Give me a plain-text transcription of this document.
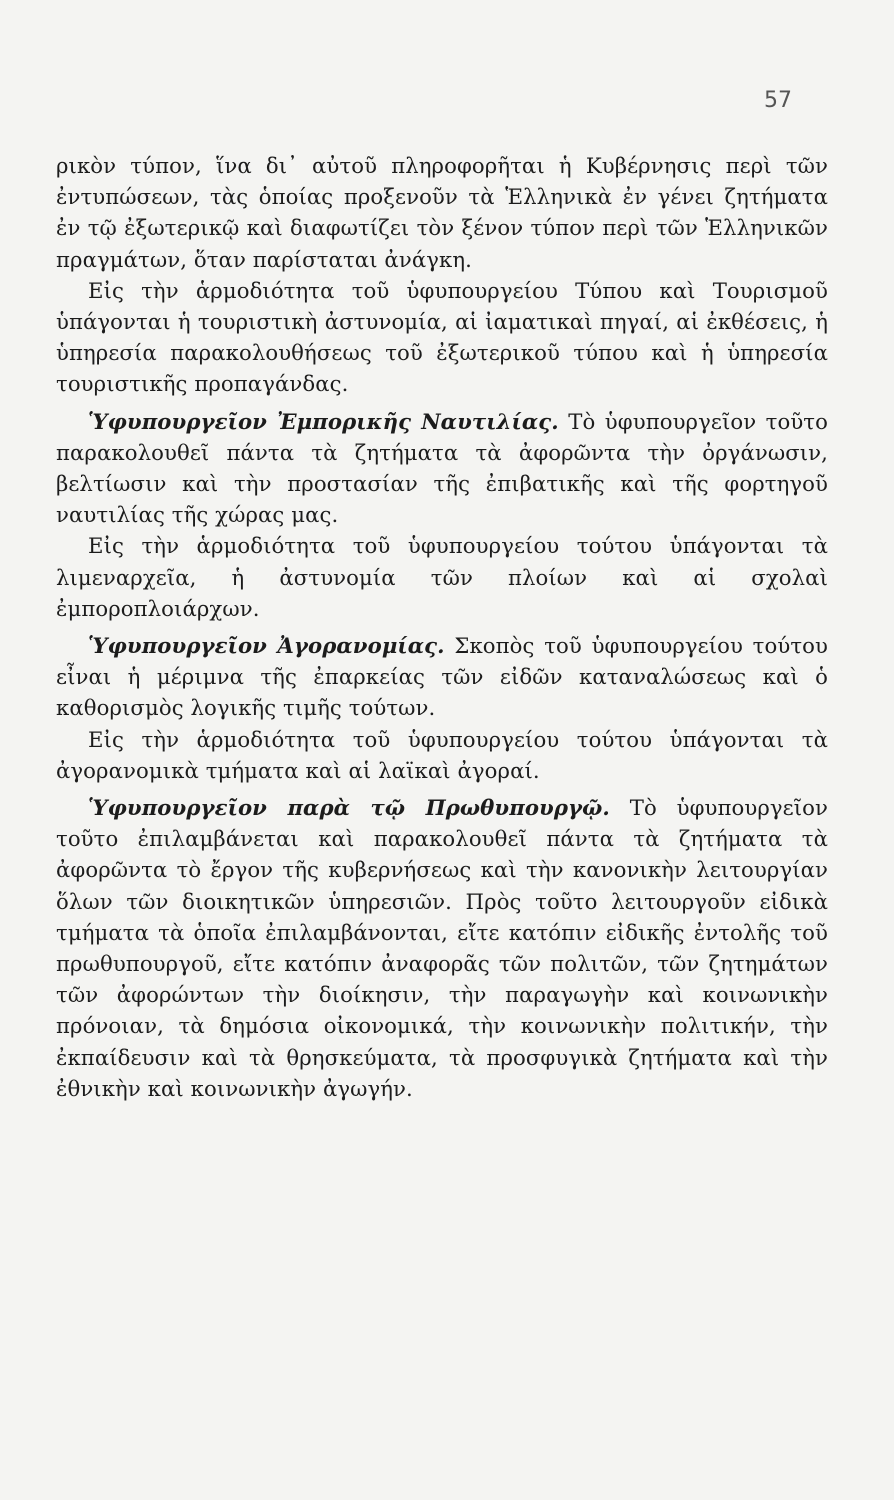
57

ρικὸν τύπον, ἵνα δι᾿ αὐτοῦ πληροφορῆται ἡ Κυβέρνησις περὶ τῶν ἐντυπώσεων, τὰς ὁποίας προξενοῦν τὰ Ἑλληνικὰ ἐν γένει ζητήματα ἐν τῷ ἐξωτερικῷ καὶ διαφωτίζει τὸν ξένον τύπον περὶ τῶν Ἑλληνικῶν πραγμάτων, ὅταν παρίσταται ἀνάγκη.

Εἰς τὴν ἁρμοδιότητα τοῦ ὑφυπουργείου Τύπου καὶ Τουρισμοῦ ὑπάγονται ἡ τουριστικὴ ἀστυνομία, αἱ ἰαματικαὶ πηγαί, αἱ ἐκθέσεις, ἡ ὑπηρεσία παρακολουθήσεως τοῦ ἐξωτερικοῦ τύπου καὶ ἡ ὑπηρεσία τουριστικῆς προπαγάνδας.

Ὑφυπουργεῖον Ἐμπορικῆς Ναυτιλίας. Τὸ ὑφυπουργεῖον τοῦτο παρακολουθεῖ πάντα τὰ ζητήματα τὰ ἀφορῶντα τὴν ὀργάνωσιν, βελτίωσιν καὶ τὴν προστασίαν τῆς ἐπιβατικῆς καὶ τῆς φορτηγοῦ ναυτιλίας τῆς χώρας μας.

Εἰς τὴν ἁρμοδιότητα τοῦ ὑφυπουργείου τούτου ὑπάγονται τὰ λιμεναρχεῖα, ἡ ἀστυνομία τῶν πλοίων καὶ αἱ σχολαὶ ἐμποροπλοιάρχων.

Ὑφυπουργεῖον Ἀγορανομίας. Σκοπὸς τοῦ ὑφυπουργείου τούτου εἶναι ἡ μέριμνα τῆς ἐπαρκείας τῶν εἰδῶν καταναλώσεως καὶ ὁ καθορισμὸς λογικῆς τιμῆς τούτων.

Εἰς τὴν ἁρμοδιότητα τοῦ ὑφυπουργείου τούτου ὑπάγονται τὰ ἀγορανομικὰ τμήματα καὶ αἱ λαϊκαὶ ἀγοραί.

Ὑφυπουργεῖον παρὰ τῷ Πρωθυπουργῷ. Τὸ ὑφυπουργεῖον τοῦτο ἐπιλαμβάνεται καὶ παρακολουθεῖ πάντα τὰ ζητήματα τὰ ἀφορῶντα τὸ ἔργον τῆς κυβερνήσεως καὶ τὴν κανονικὴν λειτουργίαν ὅλων τῶν διοικητικῶν ὑπηρεσιῶν. Πρὸς τοῦτο λειτουργοῦν εἰδικὰ τμήματα τὰ ὁποῖα ἐπιλαμβάνονται, εἴτε κατόπιν εἰδικῆς ἐντολῆς τοῦ πρωθυπουργοῦ, εἴτε κατόπιν ἀναφορᾶς τῶν πολιτῶν, τῶν ζητημάτων τῶν ἀφορώντων τὴν διοίκησιν, τὴν παραγωγὴν καὶ κοινωνικὴν πρόνοιαν, τὰ δημόσια οἰκονομικά, τὴν κοινωνικὴν πολιτικήν, τὴν ἐκπαίδευσιν καὶ τὰ θρησκεύματα, τὰ προσφυγικὰ ζητήματα καὶ τὴν ἐθνικὴν καὶ κοινωνικὴν ἀγωγήν.
